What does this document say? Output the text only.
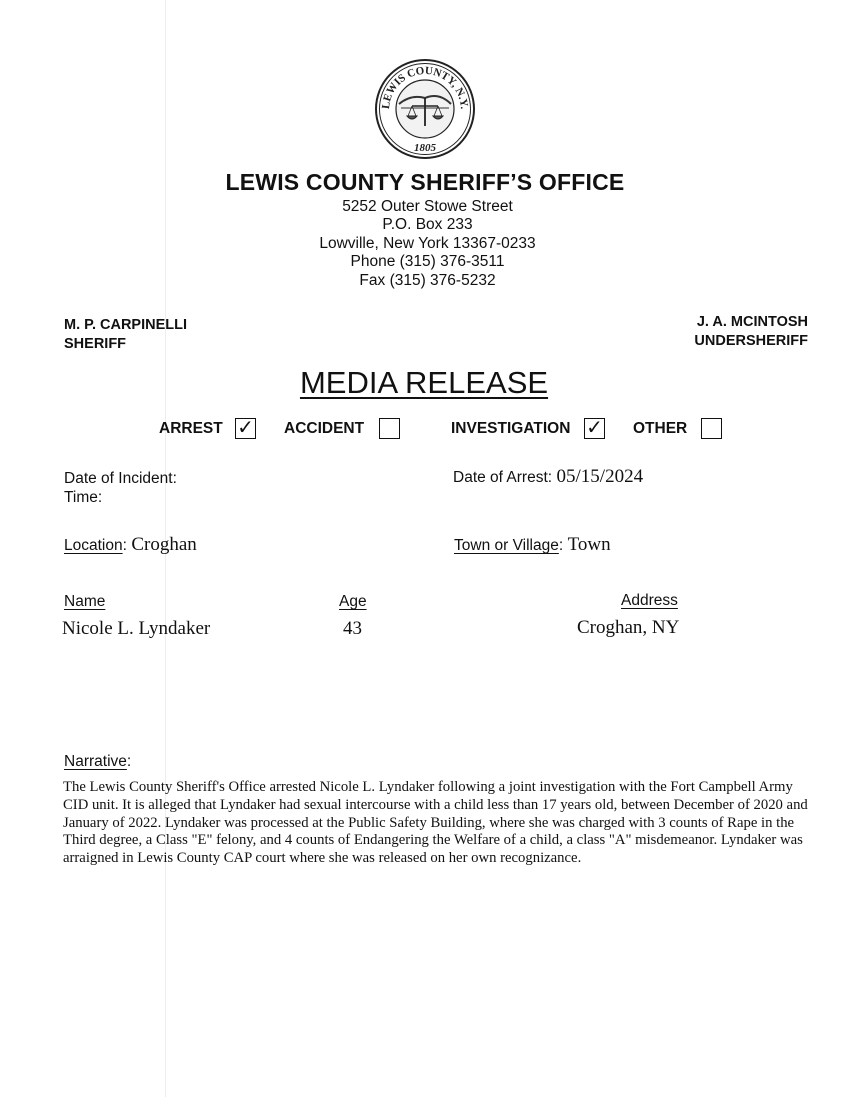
LEWIS COUNTY, N.Y.
1805
LEWIS COUNTY SHERIFF’S OFFICE
5252 Outer Stowe Street
P.O. Box 233
Lowville, New York 13367-0233
Phone (315) 376-3511
Fax (315) 376-5232
M. P. CARPINELLI
SHERIFF
J. A. MCINTOSH
UNDERSHERIFF
MEDIA RELEASE
ARREST ✓ ACCIDENT	INVESTIGATION ✓ OTHER
Date of Incident:
Time:
Date of Arrest: 05/15/2024
Location: Croghan	Town or Village: Town
Name	Age	Address
Nicole L. Lyndaker	43	Croghan, NY
Narrative:
The Lewis County Sheriff's Office arrested Nicole L. Lyndaker following a joint investigation with the Fort Campbell Army CID unit. It is alleged that Lyndaker had sexual intercourse with a child less than 17 years old, between December of 2020 and January of 2022. Lyndaker was processed at the Public Safety Building, where she was charged with 3 counts of Rape in the Third degree, a Class "E" felony, and 4 counts of Endangering the Welfare of a child, a class "A" misdemeanor. Lyndaker was arraigned in Lewis County CAP court where she was released on her own recognizance.
